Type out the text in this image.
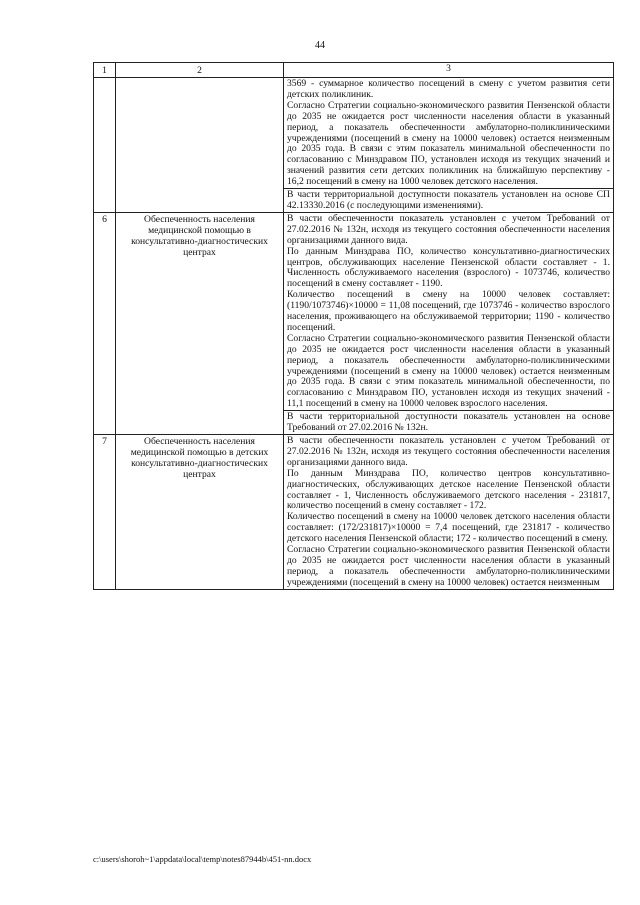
44
1	2	3

		3569 - суммарное количество посещений в смену с учетом развития сети детских поликлиник.

Согласно Стратегии социально-экономического развития Пензенской области до 2035 не ожидается рост численности населения области в указанный период, а показатель обеспеченности амбулаторно-поликлиническими учреждениями (посещений в смену на 10000 человек) остается неизменным до 2035 года. В связи с этим показатель минимальной обеспеченности по согласованию с Минздравом ПО, установлен исходя из текущих значений и значений развития сети детских поликлиник на ближайшую перспективу - 16,2 посещений в смену на 1000 человек детского населения.

		В части территориальной доступности показатель установлен на основе СП 42.13330.2016 (с последующими изменениями).

6	Обеспеченность населения медицинской помощью в консультативно-диагностических центрах	В части обеспеченности показатель установлен с учетом Требований от 27.02.2016 № 132н, исходя из текущего состояния обеспеченности населения организациями данного вида.

По данным Минздрава ПО, количество консультативно-диагностических центров, обслуживающих население Пензенской области составляет - 1. Численность обслуживаемого населения (взрослого) - 1073746, количество посещений в смену составляет - 1190.

Количество посещений в смену на 10000 человек составляет: (1190/1073746)×10000 = 11,08 посещений, где 1073746 - количество взрослого населения, проживающего на обслуживаемой территории; 1190 - количество посещений.

Согласно Стратегии социально-экономического развития Пензенской области до 2035 не ожидается рост численности населения области в указанный период, а показатель обеспеченности амбулаторно-поликлиническими учреждениями (посещений в смену на 10000 человек) остается неизменным до 2035 года. В связи с этим показатель минимальной обеспеченности, по согласованию с Минздравом ПО, установлен исходя из текущих значений - 11,1 посещений в смену на 10000 человек взрослого населения.

		В части территориальной доступности показатель установлен на основе Требований от 27.02.2016 № 132н.

7	Обеспеченность населения медицинской помощью в детских консультативно-диагностических центрах	В части обеспеченности показатель установлен с учетом Требований от 27.02.2016 № 132н, исходя из текущего состояния обеспеченности населения организациями данного вида.

По данным Минздрава ПО, количество центров консультативно-диагностических, обслуживающих детское население Пензенской области составляет - 1, Численность обслуживаемого детского населения - 231817, количество посещений в смену составляет - 172.

Количество посещений в смену на 10000 человек детского населения области составляет: (172/231817)×10000 = 7,4 посещений, где 231817 - количество детского населения Пензенской области; 172 - количество посещений в смену.

Согласно Стратегии социально-экономического развития Пензенской области до 2035 не ожидается рост численности населения области в указанный период, а показатель обеспеченности амбулаторно-поликлиническими учреждениями (посещений в смену на 10000 человек) остается неизменным

c:\users\shoroh~1\appdata\local\temp\notes87944b\451-nn.docx
